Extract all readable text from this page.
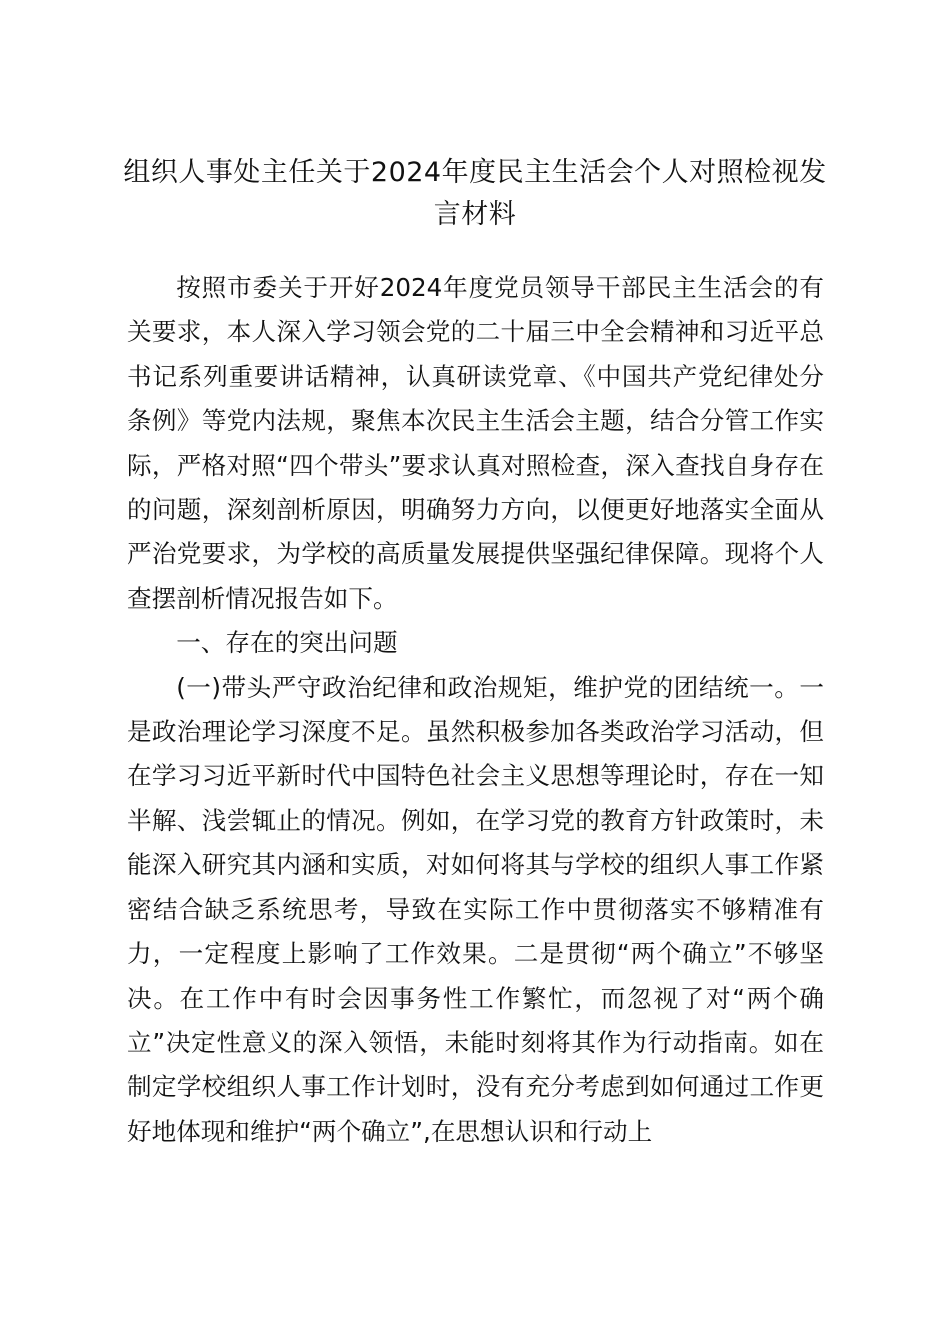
组织人事处主任关于2024年度民主生活会个人对照检视发言材料

按照市委关于开好2024年度党员领导干部民主生活会的有关要求，本人深入学习领会党的二十届三中全会精神和习近平总书记系列重要讲话精神，认真研读党章、《中国共产党纪律处分条例》等党内法规，聚焦本次民主生活会主题，结合分管工作实际，严格对照“四个带头”要求认真对照检查，深入查找自身存在的问题，深刻剖析原因，明确努力方向，以便更好地落实全面从严治党要求，为学校的高质量发展提供坚强纪律保障。现将个人查摆剖析情况报告如下。

一、存在的突出问题

(一)带头严守政治纪律和政治规矩，维护党的团结统一。一是政治理论学习深度不足。虽然积极参加各类政治学习活动，但在学习习近平新时代中国特色社会主义思想等理论时，存在一知半解、浅尝辄止的情况。例如，在学习党的教育方针政策时，未能深入研究其内涵和实质，对如何将其与学校的组织人事工作紧密结合缺乏系统思考，导致在实际工作中贯彻落实不够精准有力，一定程度上影响了工作效果。二是贯彻“两个确立”不够坚决。在工作中有时会因事务性工作繁忙，而忽视了对“两个确立”决定性意义的深入领悟，未能时刻将其作为行动指南。如在制定学校组织人事工作计划时，没有充分考虑到如何通过工作更好地体现和维护“两个确立”,在思想认识和行动上
